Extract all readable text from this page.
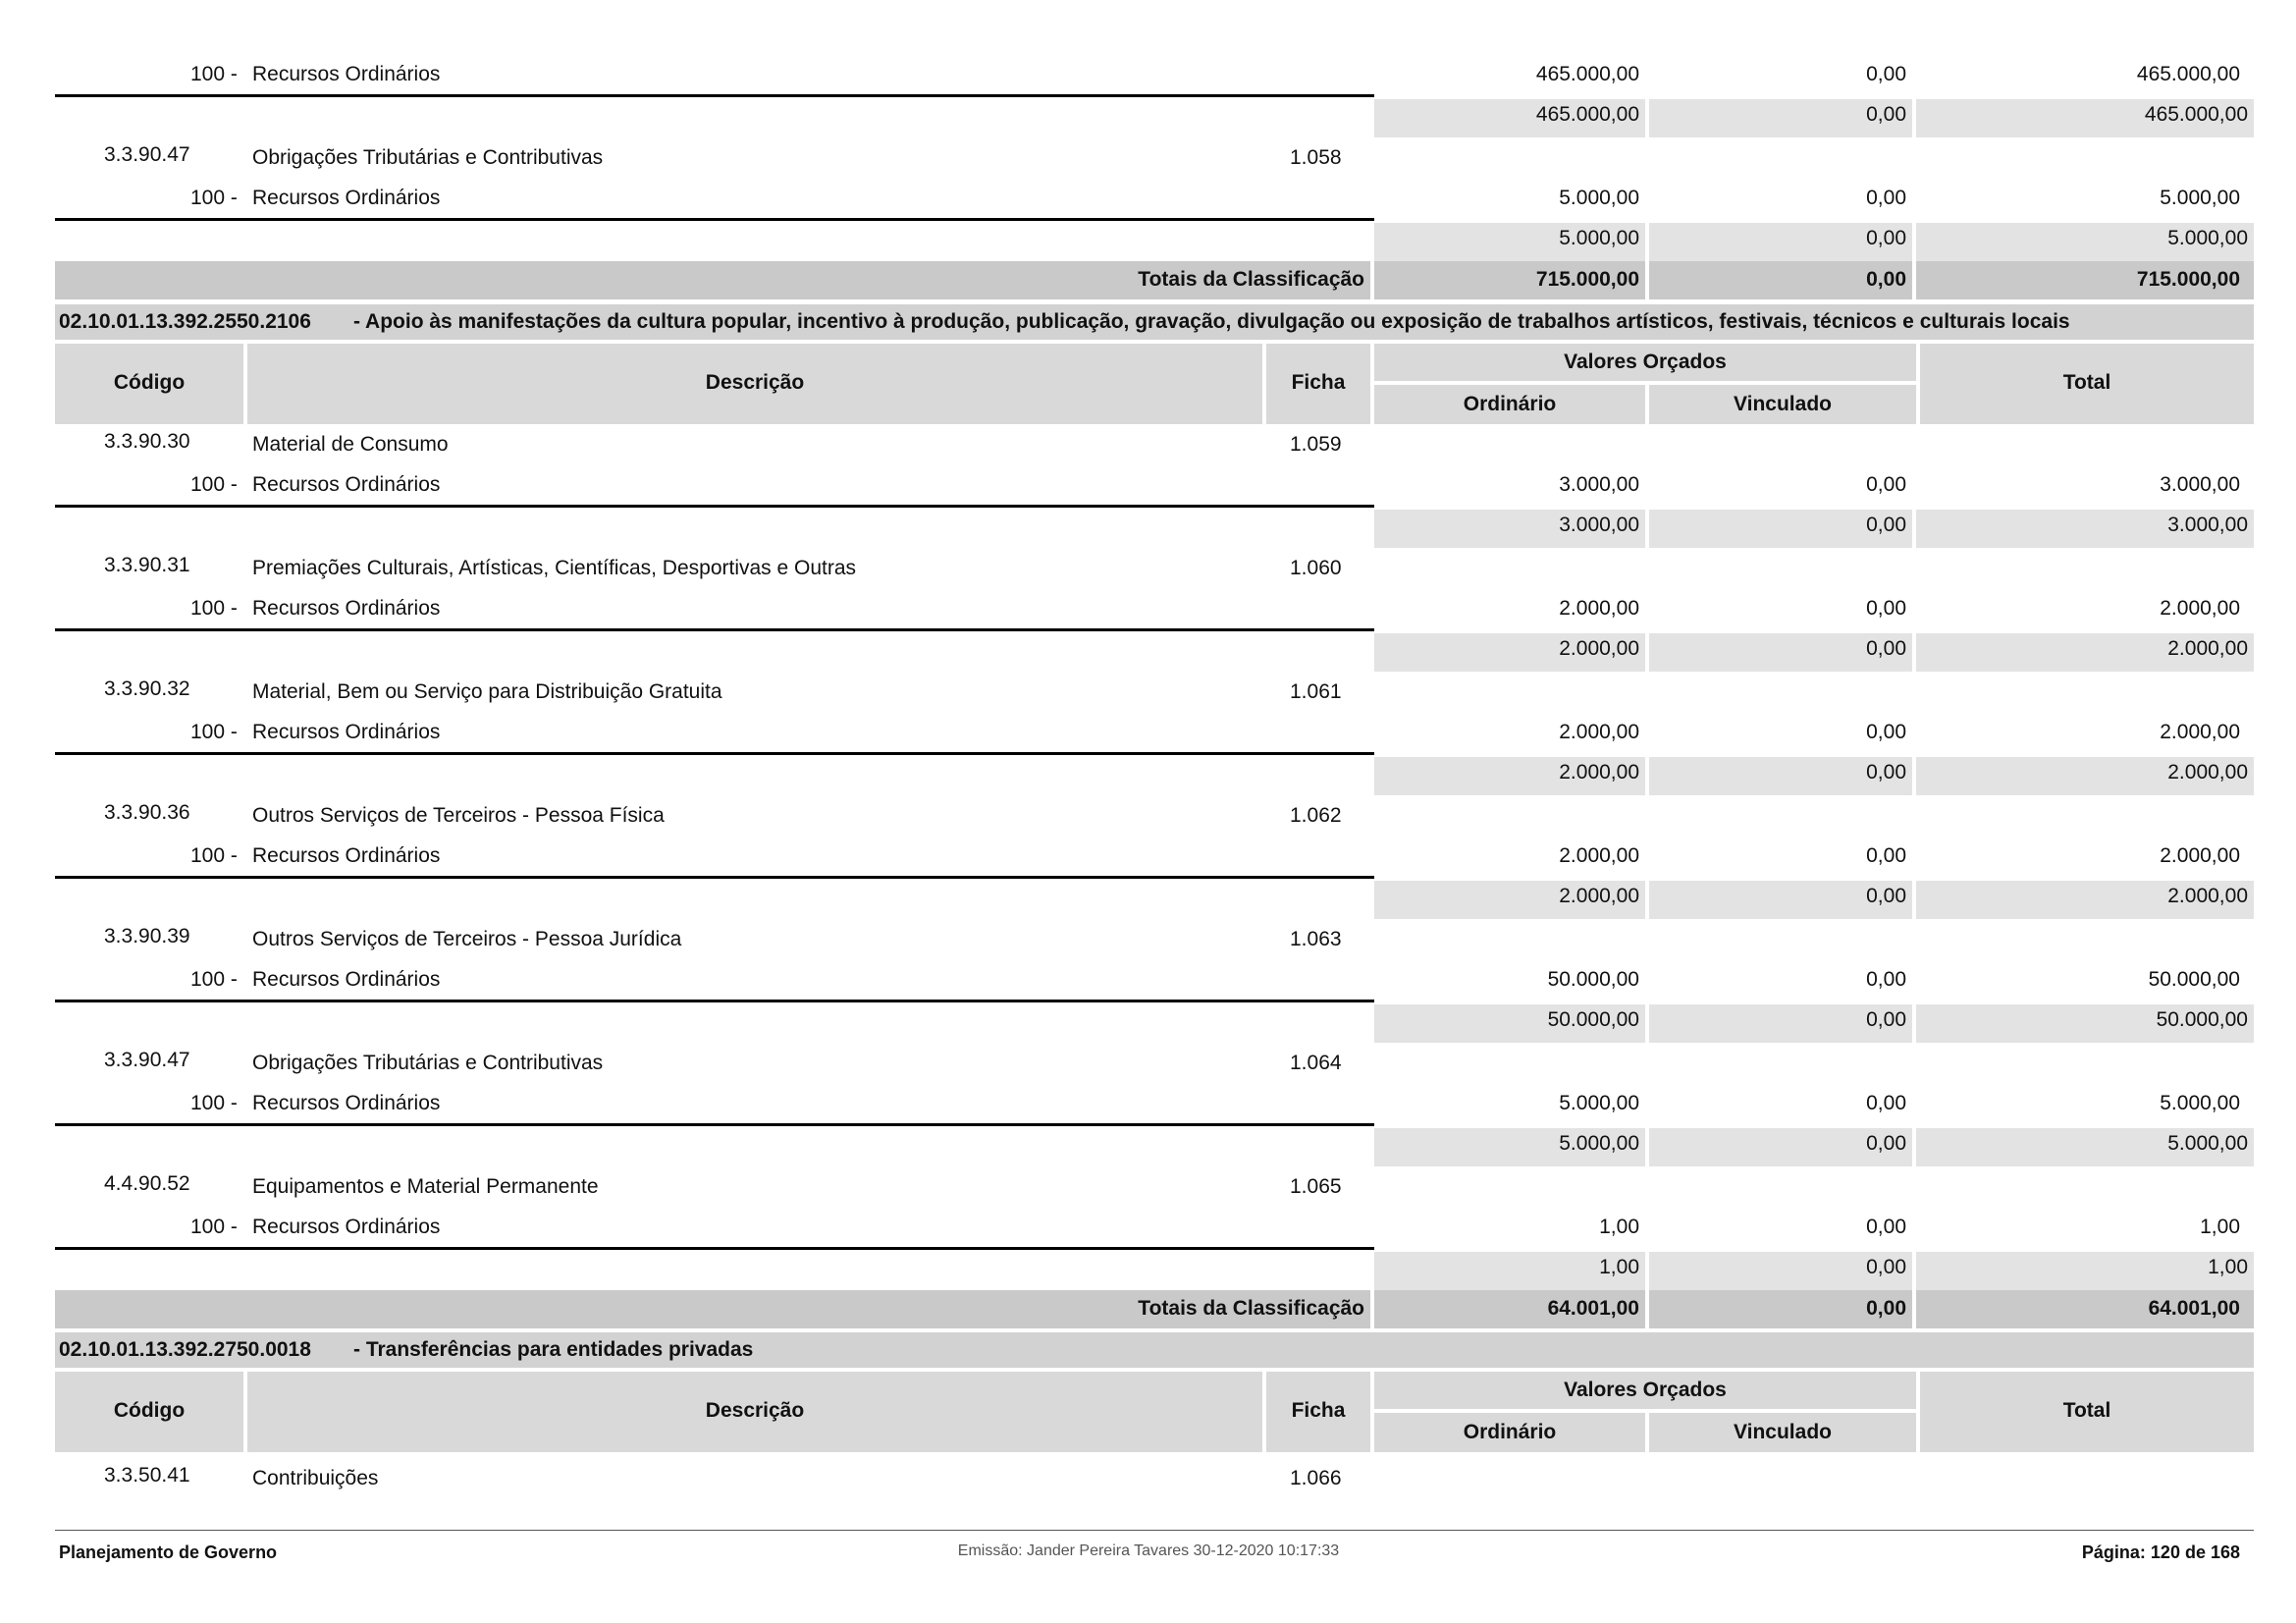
100 - Recursos Ordinários	465.000,00	0,00	465.000,00
465.000,00	0,00	465.000,00
3.3.90.47	Obrigações Tributárias e Contributivas	1.058
100 - Recursos Ordinários	5.000,00	0,00	5.000,00
5.000,00	0,00	5.000,00
Totais da Classificação	715.000,00	0,00	715.000,00
02.10.01.13.392.2550.2106 - Apoio às manifestações da cultura popular, incentivo à produção, publicação, gravação, divulgação ou exposição de trabalhos artísticos, festivais, técnicos e culturais locais
Código	Descrição	Ficha
Valores Orçados
Ordinário	Vinculado
Total
3.3.90.30	Material de Consumo	1.059
100 - Recursos Ordinários	3.000,00	0,00	3.000,00
3.000,00	0,00	3.000,00
3.3.90.31	Premiações Culturais, Artísticas, Científicas, Desportivas e Outras	1.060
100 - Recursos Ordinários	2.000,00	0,00	2.000,00
2.000,00	0,00	2.000,00
3.3.90.32	Material, Bem ou Serviço para Distribuição Gratuita	1.061
100 - Recursos Ordinários	2.000,00	0,00	2.000,00
2.000,00	0,00	2.000,00
3.3.90.36	Outros Serviços de Terceiros - Pessoa Física	1.062
100 - Recursos Ordinários	2.000,00	0,00	2.000,00
2.000,00	0,00	2.000,00
3.3.90.39	Outros Serviços de Terceiros - Pessoa Jurídica	1.063
100 - Recursos Ordinários	50.000,00	0,00	50.000,00
50.000,00	0,00	50.000,00
3.3.90.47	Obrigações Tributárias e Contributivas	1.064
100 - Recursos Ordinários	5.000,00	0,00	5.000,00
5.000,00	0,00	5.000,00
4.4.90.52	Equipamentos e Material Permanente	1.065
100 - Recursos Ordinários	1,00	0,00	1,00
1,00	0,00	1,00
Totais da Classificação	64.001,00	0,00	64.001,00
02.10.01.13.392.2750.0018 - Transferências para entidades privadas
Código	Descrição	Ficha
Valores Orçados
Ordinário	Vinculado
Total
3.3.50.41	Contribuições	1.066
Planejamento de Governo	Emissão: Jander Pereira Tavares 30-12-2020 10:17:33	Página: 120 de 168
